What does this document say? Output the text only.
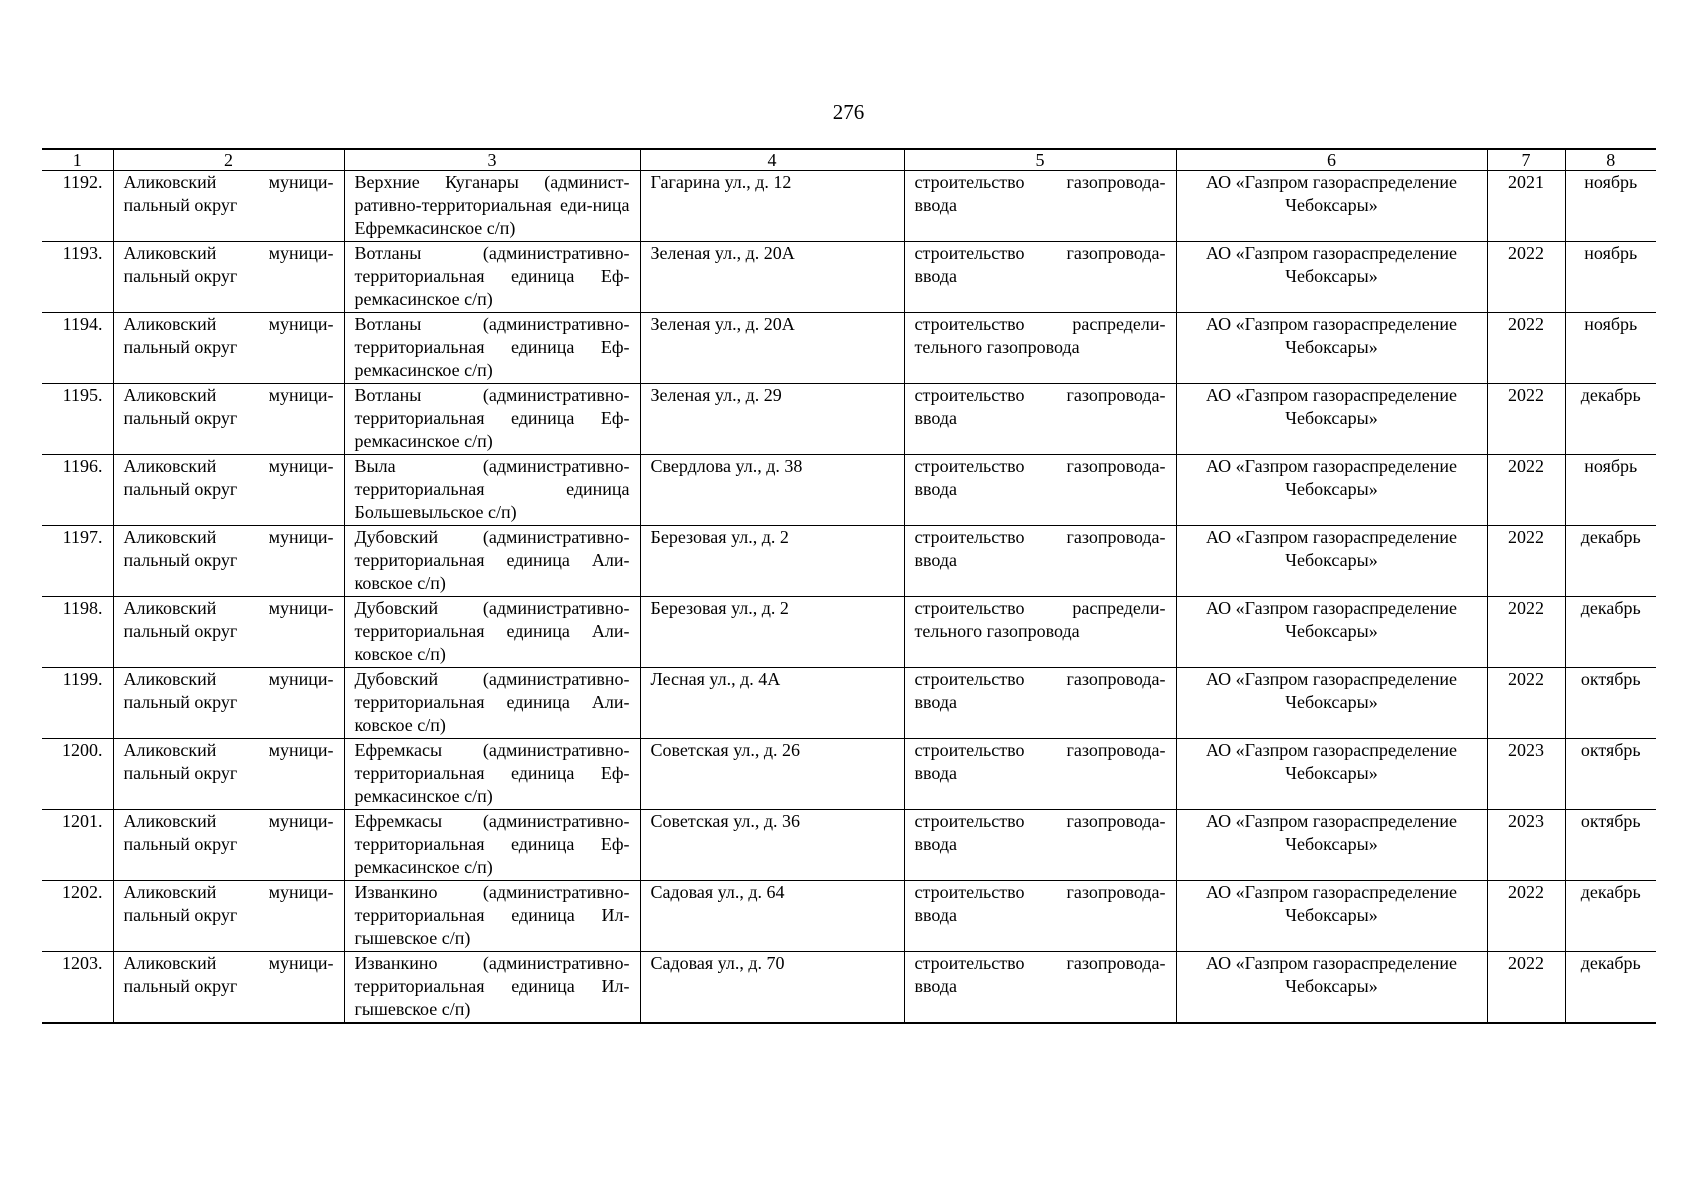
276
1	2	3	4	5	6	7	8
1192.	Аликовский муници-пальный округ	Верхние Куганары (админист-ративно-территориальная еди-ница Ефремкасинское с/п)	Гагарина ул., д. 12	строительство газопровода-ввода	АО «Газпром газораспределение Чебоксары»	2021	ноябрь
1193.	Аликовский муници-пальный округ	Вотланы (административно-территориальная единица Еф-ремкасинское с/п)	Зеленая ул., д. 20А	строительство газопровода-ввода	АО «Газпром газораспределение Чебоксары»	2022	ноябрь
1194.	Аликовский муници-пальный округ	Вотланы (административно-территориальная единица Еф-ремкасинское с/п)	Зеленая ул., д. 20А	строительство распредели-тельного газопровода	АО «Газпром газораспределение Чебоксары»	2022	ноябрь
1195.	Аликовский муници-пальный округ	Вотланы (административно-территориальная единица Еф-ремкасинское с/п)	Зеленая ул., д. 29	строительство газопровода-ввода	АО «Газпром газораспределение Чебоксары»	2022	декабрь
1196.	Аликовский муници-пальный округ	Выла (административно-территориальная единица Большевыльское с/п)	Свердлова ул., д. 38	строительство газопровода-ввода	АО «Газпром газораспределение Чебоксары»	2022	ноябрь
1197.	Аликовский муници-пальный округ	Дубовский (административно-территориальная единица Али-ковское с/п)	Березовая ул., д. 2	строительство газопровода-ввода	АО «Газпром газораспределение Чебоксары»	2022	декабрь
1198.	Аликовский муници-пальный округ	Дубовский (административно-территориальная единица Али-ковское с/п)	Березовая ул., д. 2	строительство распредели-тельного газопровода	АО «Газпром газораспределение Чебоксары»	2022	декабрь
1199.	Аликовский муници-пальный округ	Дубовский (административно-территориальная единица Али-ковское с/п)	Лесная ул., д. 4А	строительство газопровода-ввода	АО «Газпром газораспределение Чебоксары»	2022	октябрь
1200.	Аликовский муници-пальный округ	Ефремкасы (административно-территориальная единица Еф-ремкасинское с/п)	Советская ул., д. 26	строительство газопровода-ввода	АО «Газпром газораспределение Чебоксары»	2023	октябрь
1201.	Аликовский муници-пальный округ	Ефремкасы (административно-территориальная единица Еф-ремкасинское с/п)	Советская ул., д. 36	строительство газопровода-ввода	АО «Газпром газораспределение Чебоксары»	2023	октябрь
1202.	Аликовский муници-пальный округ	Изванкино (административно-территориальная единица Ил-гышевское с/п)	Садовая ул., д. 64	строительство газопровода-ввода	АО «Газпром газораспределение Чебоксары»	2022	декабрь
1203.	Аликовский муници-пальный округ	Изванкино (административно-территориальная единица Ил-гышевское с/п)	Садовая ул., д. 70	строительство газопровода-ввода	АО «Газпром газораспределение Чебоксары»	2022	декабрь
